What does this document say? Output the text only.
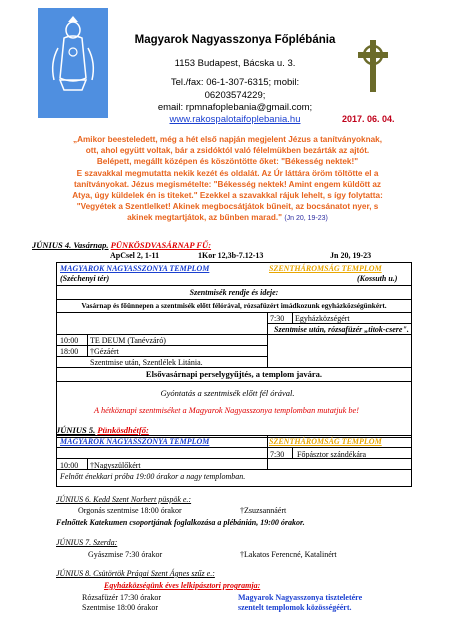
Magyarok Nagyasszonya Főplébánia
1153 Budapest, Bácska u. 3.
Tel./fax: 06-1-307-6315; mobil:
06203574229;
email: rpmnafoplebania@gmail.com;
www.rakospalotaifoplebania.hu	2017. 06. 04.
„Amikor beesteledett, még a hét első napján megjelent Jézus a tanítványoknak,
ott, ahol együtt voltak, bár a zsidóktól való félelmükben bezárták az ajtót.
Belépett, megállt középen és köszöntötte őket: "Békesség nektek!"
E szavakkal megmutatta nekik kezét és oldalát. Az Úr láttára öröm töltötte el a
tanítványokat. Jézus megismételte: "Békesség nektek! Amint engem küldött az
Atya, úgy küldelek én is titeket." Ezekkel a szavakkal rájuk lehelt, s így folytatta:
"Vegyétek a Szentlelket! Akinek megbocsátjátok bűneit, az bocsánatot nyer, s
akinek megtartjátok, az bűnben marad." (Jn 20, 19-23)
JÚNIUS 4. Vasárnap. PÜNKÖSDVASÁRNAP FŰ:
ApCsel 2, 1-11	1Kor 12,3b-7.12-13	Jn 20, 19-23
MAGYAROK NAGYASSZONYA TEMPLOM	SZENTHÁROMSÁG TEMPLOM
(Széchenyi tér)	(Kossuth u.)
Szentmisék rendje és ideje:
Vasárnap és főünnepen a szentmisék előtt félórával, rózsafüzért imádkozunk egyházközségünkért.
7:30 Egyházközségért
Szentmise után, rózsafüzér „titok-csere".
10:00 TE DEUM (Tanévzáró)
18:00 †Gézáért
Szentmise után, Szentlélek Litánia.
Elsővasárnapi perselygyűjtés, a templom javára.
Gyóntatás a szentmisék előtt fél órával.
A hétköznapi szentmiséket a Magyarok Nagyasszonya templomban mutatjuk be!
JÚNIUS 5. Pünkösdhétfő:
MAGYAROK NAGYASSZONYA TEMPLOM	SZENTHÁROMSÁG TEMPLOM
7:30 Főpásztor szándékára
10:00 †Nagyszülőkért
Felnőtt énekkari próba 19:00 órakor a nagy templomban.
JÚNIUS 6. Kedd Szent Norbert püspök e.:
Orgonás szentmise 18:00 órakor	†Zsuzsannáért
Felnőttek Katekumen csoportjának foglalkozása a plébánián, 19:00 órakor.
JÚNIUS 7. Szerda:
Gyászmise 7:30 órakor	†Lakatos Ferencné, Katalinért
JÚNIUS 8. Csütörtök Prágai Szent Ágnes szűz e.:
Egyházközségünk éves lelkipásztori programja:
Rózsafüzér 17:30 órakor
Szentmise 18:00 órakor
Magyarok Nagyasszonya tiszteletére
szentelt templomok közösségéért.
